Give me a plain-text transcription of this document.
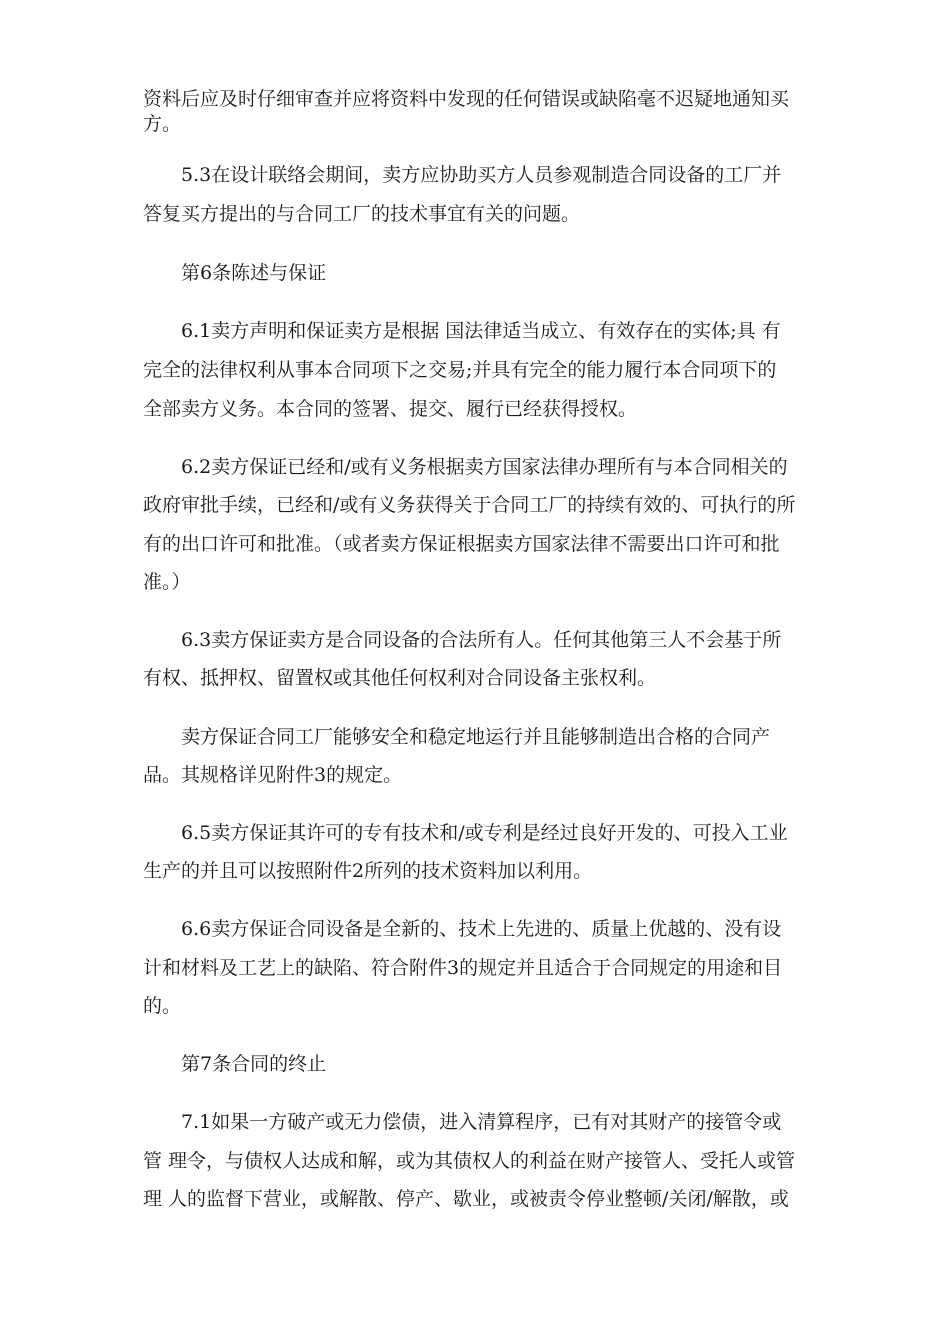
资料后应及时仔细审查并应将资料中发现的任何错误或缺陷毫不迟疑地通知买
方。
5.3在设计联络会期间，卖方应协助买方人员参观制造合同设备的工厂并
答复买方提出的与合同工厂的技术事宜有关的问题。
第6条陈述与保证
6.1卖方声明和保证卖方是根据 国法律适当成立、有效存在的实体;具 有
完全的法律权利从事本合同项下之交易;并具有完全的能力履行本合同项下的
全部卖方义务。本合同的签署、提交、履行已经获得授权。
6.2卖方保证已经和/或有义务根据卖方国家法律办理所有与本合同相关的
政府审批手续，已经和/或有义务获得关于合同工厂的持续有效的、可执行的所
有的出口许可和批准。（或者卖方保证根据卖方国家法律不需要出口许可和批
准。）
6.3卖方保证卖方是合同设备的合法所有人。任何其他第三人不会基于所
有权、抵押权、留置权或其他任何权利对合同设备主张权利。
卖方保证合同工厂能够安全和稳定地运行并且能够制造出合格的合同产
品。其规格详见附件3的规定。
6.5卖方保证其许可的专有技术和/或专利是经过良好开发的、可投入工业
生产的并且可以按照附件2所列的技术资料加以利用。
6.6卖方保证合同设备是全新的、技术上先进的、质量上优越的、没有设
计和材料及工艺上的缺陷、符合附件3的规定并且适合于合同规定的用途和目
的。
第7条合同的终止
7.1如果一方破产或无力偿债，进入清算程序，已有对其财产的接管令或
管 理令，与债权人达成和解，或为其债权人的利益在财产接管人、受托人或管
理 人的监督下营业，或解散、停产、歇业，或被责令停业整顿/关闭/解散，或
